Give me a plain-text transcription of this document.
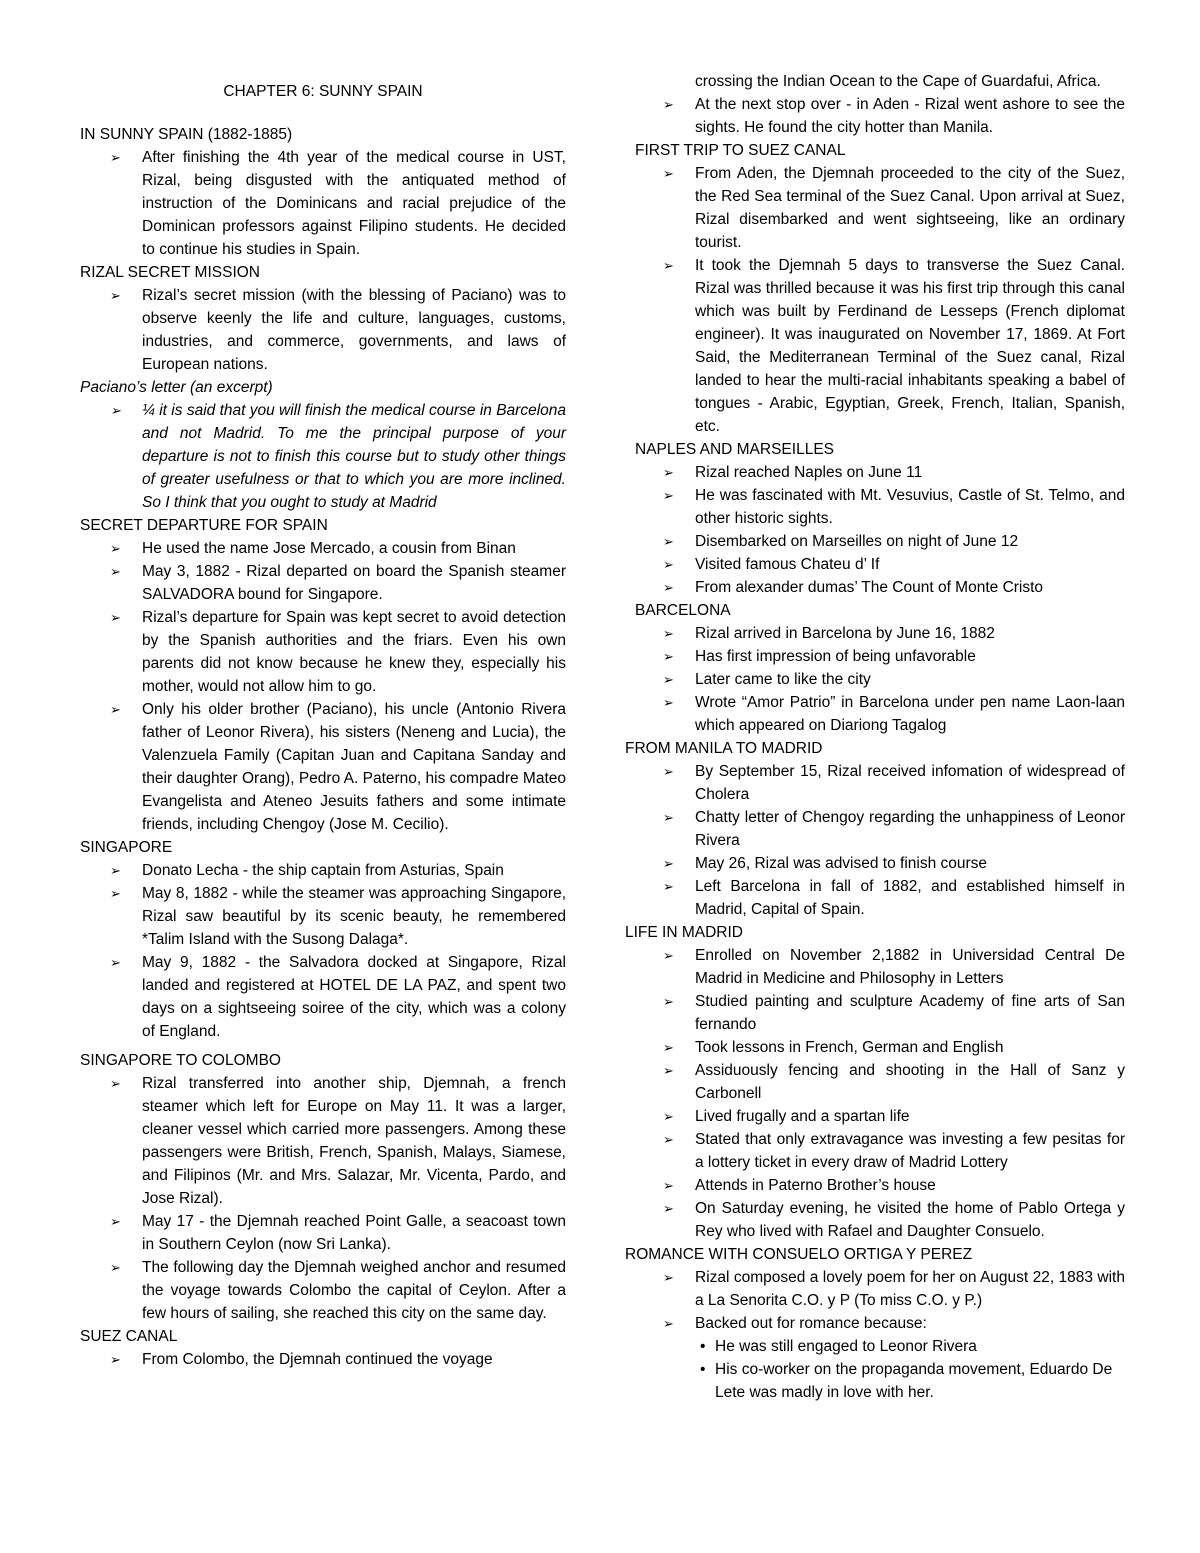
CHAPTER 6: SUNNY SPAIN
IN SUNNY SPAIN (1882-1885)
➢ After finishing the 4th year of the medical course in UST, Rizal, being disgusted with the antiquated method of instruction of the Dominicans and racial prejudice of the Dominican professors against Filipino students. He decided to continue his studies in Spain.
RIZAL SECRET MISSION
➢ Rizal’s secret mission (with the blessing of Paciano) was to observe keenly the life and culture, languages, customs, industries, and commerce, governments, and laws of European nations.
Paciano’s letter (an excerpt)
➢ ¼ it is said that you will finish the medical course in Barcelona and not Madrid. To me the principal purpose of your departure is not to finish this course but to study other things of greater usefulness or that to which you are more inclined. So I think that you ought to study at Madrid
SECRET DEPARTURE FOR SPAIN
➢ He used the name Jose Mercado, a cousin from Binan
➢ May 3, 1882 - Rizal departed on board the Spanish steamer SALVADORA bound for Singapore.
➢ Rizal’s departure for Spain was kept secret to avoid detection by the Spanish authorities and the friars. Even his own parents did not know because he knew they, especially his mother, would not allow him to go.
➢ Only his older brother (Paciano), his uncle (Antonio Rivera father of Leonor Rivera), his sisters (Neneng and Lucia), the Valenzuela Family (Capitan Juan and Capitana Sanday and their daughter Orang), Pedro A. Paterno, his compadre Mateo Evangelista and Ateneo Jesuits fathers and some intimate friends, including Chengoy (Jose M. Cecilio).
SINGAPORE
➢ Donato Lecha - the ship captain from Asturias, Spain
➢ May 8, 1882 - while the steamer was approaching Singapore, Rizal saw beautiful by its scenic beauty, he remembered *Talim Island with the Susong Dalaga*.
➢ May 9, 1882 - the Salvadora docked at Singapore, Rizal landed and registered at HOTEL DE LA PAZ, and spent two days on a sightseeing soiree of the city, which was a colony of England.
SINGAPORE TO COLOMBO
➢ Rizal transferred into another ship, Djemnah, a french steamer which left for Europe on May 11. It was a larger, cleaner vessel which carried more passengers. Among these passengers were British, French, Spanish, Malays, Siamese, and Filipinos (Mr. and Mrs. Salazar, Mr. Vicenta, Pardo, and Jose Rizal).
➢ May 17 - the Djemnah reached Point Galle, a seacoast town in Southern Ceylon (now Sri Lanka).
➢ The following day the Djemnah weighed anchor and resumed the voyage towards Colombo the capital of Ceylon. After a few hours of sailing, she reached this city on the same day.
SUEZ CANAL
➢ From Colombo, the Djemnah continued the voyage
crossing the Indian Ocean to the Cape of Guardafui, Africa.
➢ At the next stop over - in Aden - Rizal went ashore to see the sights. He found the city hotter than Manila.
FIRST TRIP TO SUEZ CANAL
➢ From Aden, the Djemnah proceeded to the city of the Suez, the Red Sea terminal of the Suez Canal. Upon arrival at Suez, Rizal disembarked and went sightseeing, like an ordinary tourist.
➢ It took the Djemnah 5 days to transverse the Suez Canal. Rizal was thrilled because it was his first trip through this canal which was built by Ferdinand de Lesseps (French diplomat engineer). It was inaugurated on November 17, 1869. At Fort Said, the Mediterranean Terminal of the Suez canal, Rizal landed to hear the multi-racial inhabitants speaking a babel of tongues - Arabic, Egyptian, Greek, French, Italian, Spanish, etc.
NAPLES AND MARSEILLES
➢ Rizal reached Naples on June 11
➢ He was fascinated with Mt. Vesuvius, Castle of St. Telmo, and other historic sights.
➢ Disembarked on Marseilles on night of June 12
➢ Visited famous Chateu d’ If
➢ From alexander dumas’ The Count of Monte Cristo
BARCELONA
➢ Rizal arrived in Barcelona by June 16, 1882
➢ Has first impression of being unfavorable
➢ Later came to like the city
➢ Wrote “Amor Patrio” in Barcelona under pen name Laon-laan which appeared on Diariong Tagalog
FROM MANILA TO MADRID
➢ By September 15, Rizal received infomation of widespread of Cholera
➢ Chatty letter of Chengoy regarding the unhappiness of Leonor Rivera
➢ May 26, Rizal was advised to finish course
➢ Left Barcelona in fall of 1882, and established himself in Madrid, Capital of Spain.
LIFE IN MADRID
➢ Enrolled on November 2,1882 in Universidad Central De Madrid in Medicine and Philosophy in Letters
➢ Studied painting and sculpture Academy of fine arts of San fernando
➢ Took lessons in French, German and English
➢ Assiduously fencing and shooting in the Hall of Sanz y Carbonell
➢ Lived frugally and a spartan life
➢ Stated that only extravagance was investing a few pesitas for a lottery ticket in every draw of Madrid Lottery
➢ Attends in Paterno Brother’s house
➢ On Saturday evening, he visited the home of Pablo Ortega y Rey who lived with Rafael and Daughter Consuelo.
ROMANCE WITH CONSUELO ORTIGA Y PEREZ
➢ Rizal composed a lovely poem for her on August 22, 1883 with a La Senorita C.O. y P (To miss C.O. y P.)
➢ Backed out for romance because:
• He was still engaged to Leonor Rivera
• His co-worker on the propaganda movement, Eduardo De Lete was madly in love with her.
